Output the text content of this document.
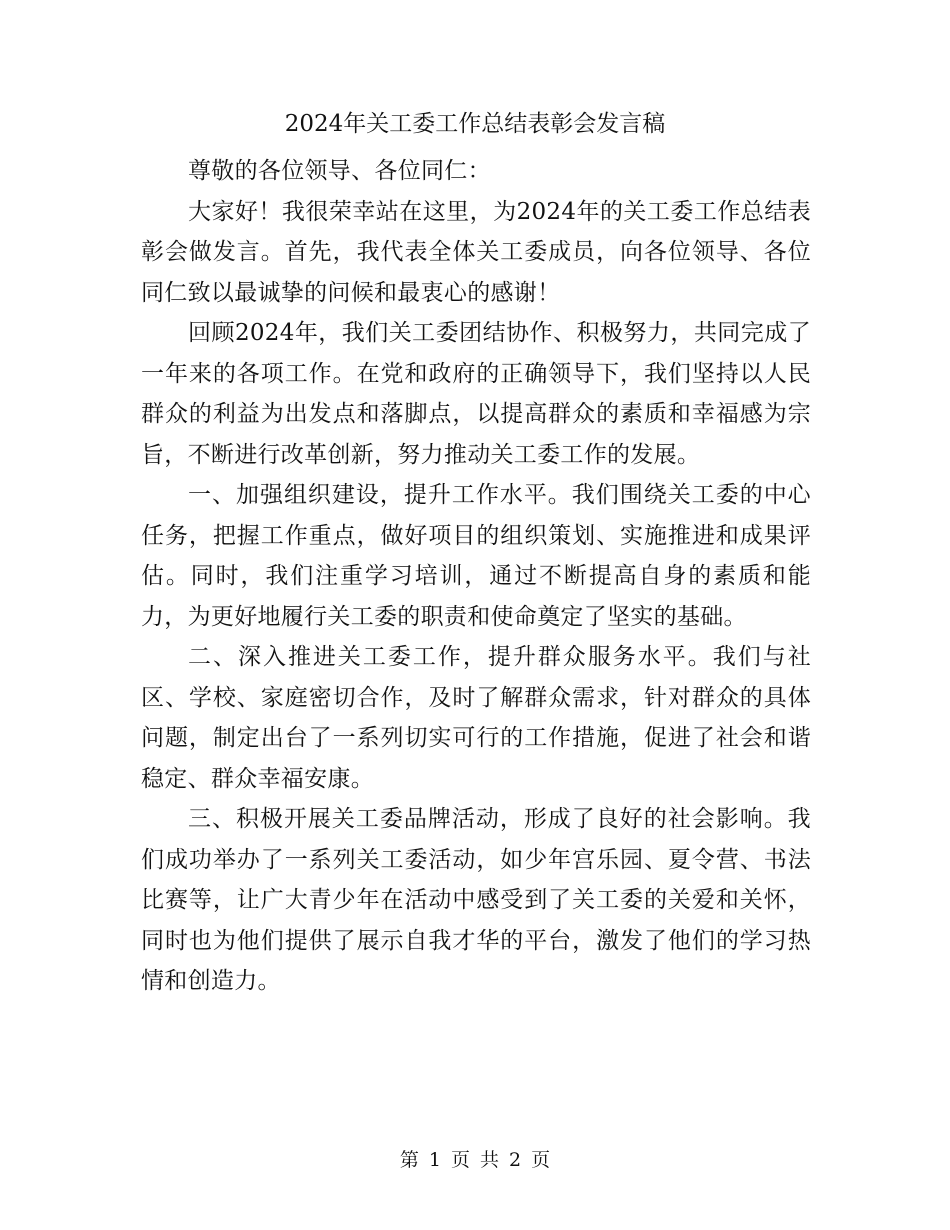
2024年关工委工作总结表彰会发言稿

尊敬的各位领导、各位同仁：

大家好！我很荣幸站在这里，为2024年的关工委工作总结表彰会做发言。首先，我代表全体关工委成员，向各位领导、各位同仁致以最诚挚的问候和最衷心的感谢！

回顾2024年，我们关工委团结协作、积极努力，共同完成了一年来的各项工作。在党和政府的正确领导下，我们坚持以人民群众的利益为出发点和落脚点，以提高群众的素质和幸福感为宗旨，不断进行改革创新，努力推动关工委工作的发展。

一、加强组织建设，提升工作水平。我们围绕关工委的中心任务，把握工作重点，做好项目的组织策划、实施推进和成果评估。同时，我们注重学习培训，通过不断提高自身的素质和能力，为更好地履行关工委的职责和使命奠定了坚实的基础。

二、深入推进关工委工作，提升群众服务水平。我们与社区、学校、家庭密切合作，及时了解群众需求，针对群众的具体问题，制定出台了一系列切实可行的工作措施，促进了社会和谐稳定、群众幸福安康。

三、积极开展关工委品牌活动，形成了良好的社会影响。我们成功举办了一系列关工委活动，如少年宫乐园、夏令营、书法比赛等，让广大青少年在活动中感受到了关工委的关爱和关怀，同时也为他们提供了展示自我才华的平台，激发了他们的学习热情和创造力。

第 1 页 共 2 页
